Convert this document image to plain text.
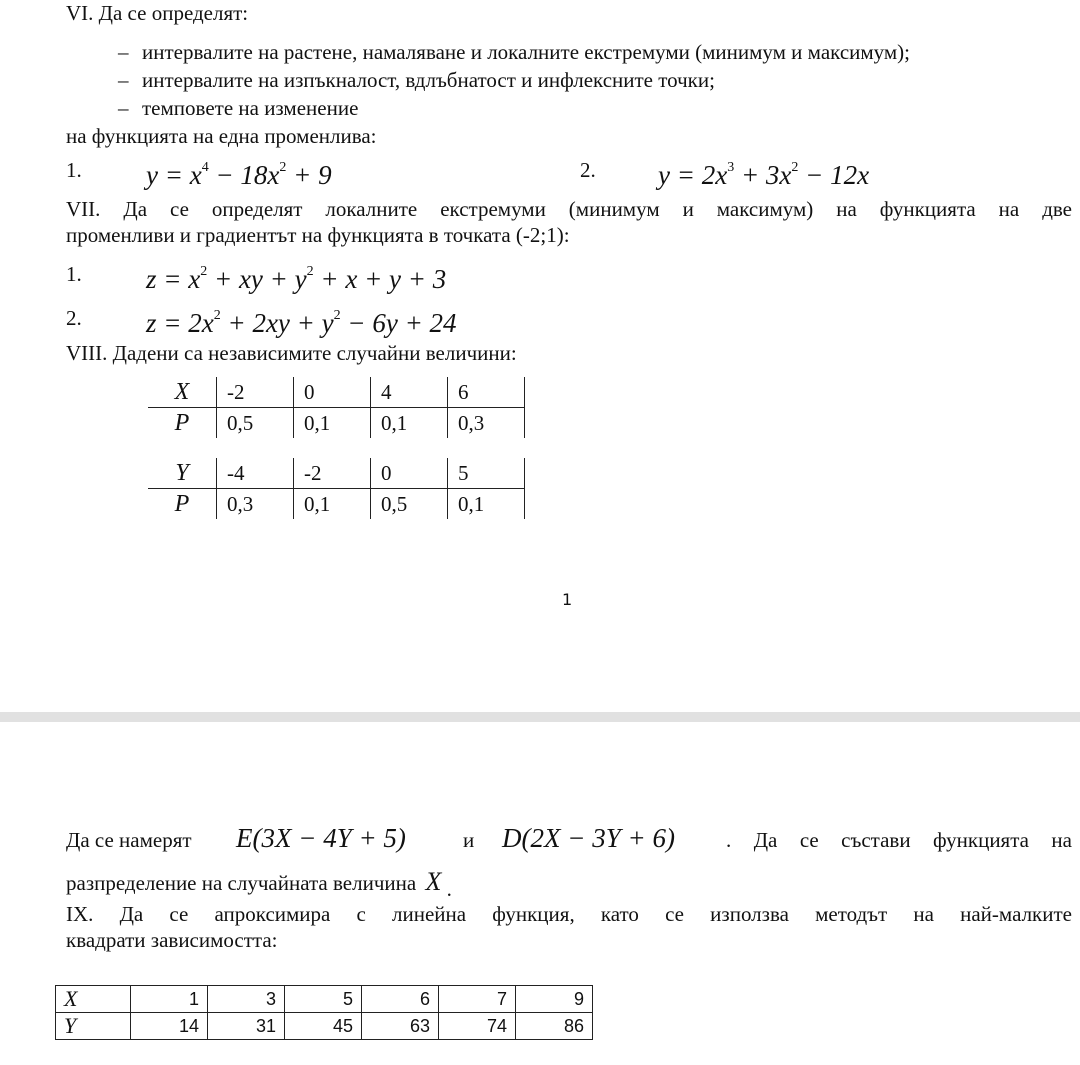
VI. Да се определят:
– интервалите на растене, намаляване и локалните екстремуми (минимум и максимум);
– интервалите на изпъкналост, вдлъбнатост и инфлексните точки;
– темповете на изменение
на функцията на една променлива:
1. $y = x^4 - 18x^2 + 9$	2. $y = 2x^3 + 3x^2 - 12x$
VII. Да се определят локалните екстремуми (минимум и максимум) на функцията на две
променливи и градиентът на функцията в точката (-2;1):
1. $z = x^2$ + xy + $y^2 + x + y + 3$
2. $z = 2x^2 + 2xy + y^2 - 6y + 24$
VIII. Дадени са независимите случайни величини:
X	-2	0	4	6
P	0,5	0,1	0,1	0,3
Y	-4	-2	0	5
P	0,3	0,1	0,5	0,1
1
Да се намерят E(3X − 4Y + 5)	и D(2X − 3Y + 6) . Да се състави функцията на
разпределение на случайната величина X .
IX. Да се апроксимира с линейна функция, като се използва методът на най-малките
квадрати зависимостта:
X	1	3	5	6	7	9
Y	14	31	45	63	74	86
